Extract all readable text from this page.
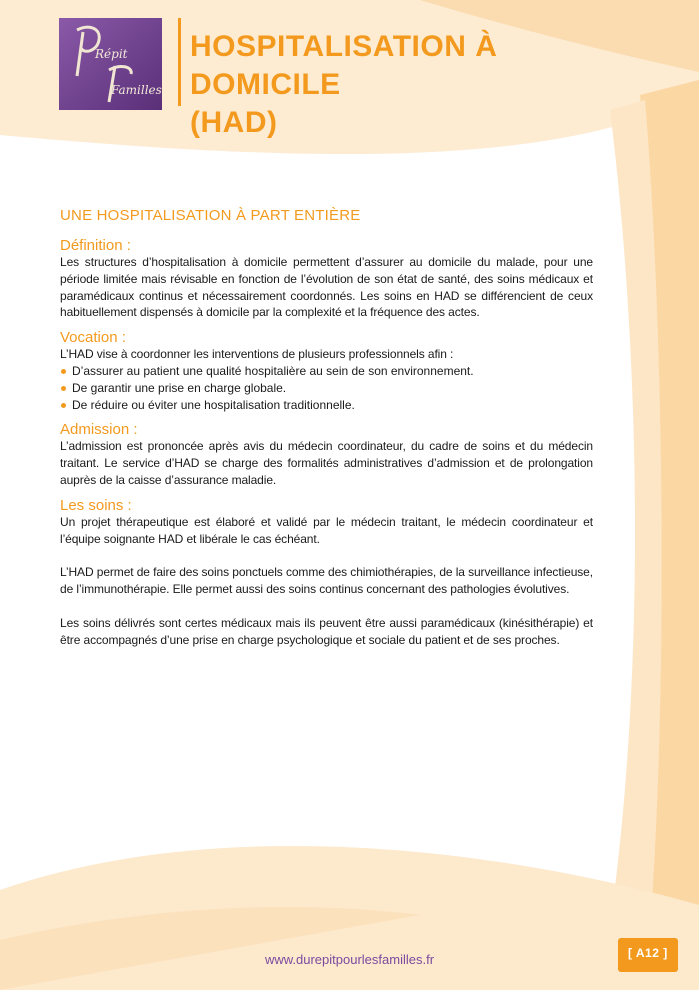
Répit
Familles
HOSPITALISATION À DOMICILE
(HAD)
UNE HOSPITALISATION À PART ENTIÈRE
Définition :

Les structures d’hospitalisation à domicile permettent d’assurer au domicile du malade, pour une période limitée mais révisable en fonction de l’évolution de son état de santé, des soins médicaux et paramédicaux continus et nécessairement coordonnés. Les soins en HAD se différencient de ceux habituellement dispensés à domicile par la complexité et la fréquence des actes.

Vocation :

L’HAD vise à coordonner les interventions de plusieurs professionnels afin :

D’assurer au patient une qualité hospitalière au sein de son environnement.
De garantir une prise en charge globale.
De réduire ou éviter une hospitalisation traditionnelle.
Admission :

L’admission est prononcée après avis du médecin coordinateur, du cadre de soins et du médecin traitant. Le service d’HAD se charge des formalités administratives d’admission et de prolongation auprès de la caisse d’assurance maladie.

Les soins :

Un projet thérapeutique est élaboré et validé par le médecin traitant, le médecin coordinateur et l’équipe soignante HAD et libérale le cas échéant.

L’HAD permet de faire des soins ponctuels comme des chimiothérapies, de la surveillance infectieuse, de l’immunothérapie. Elle permet aussi des soins continus concernant des pathologies évolutives.

Les soins délivrés sont certes médicaux mais ils peuvent être aussi paramédicaux (kinésithérapie) et être accompagnés d’une prise en charge psychologique et sociale du patient et de ses proches.

www.durepitpourlesfamilles.fr	[ A12 ]
